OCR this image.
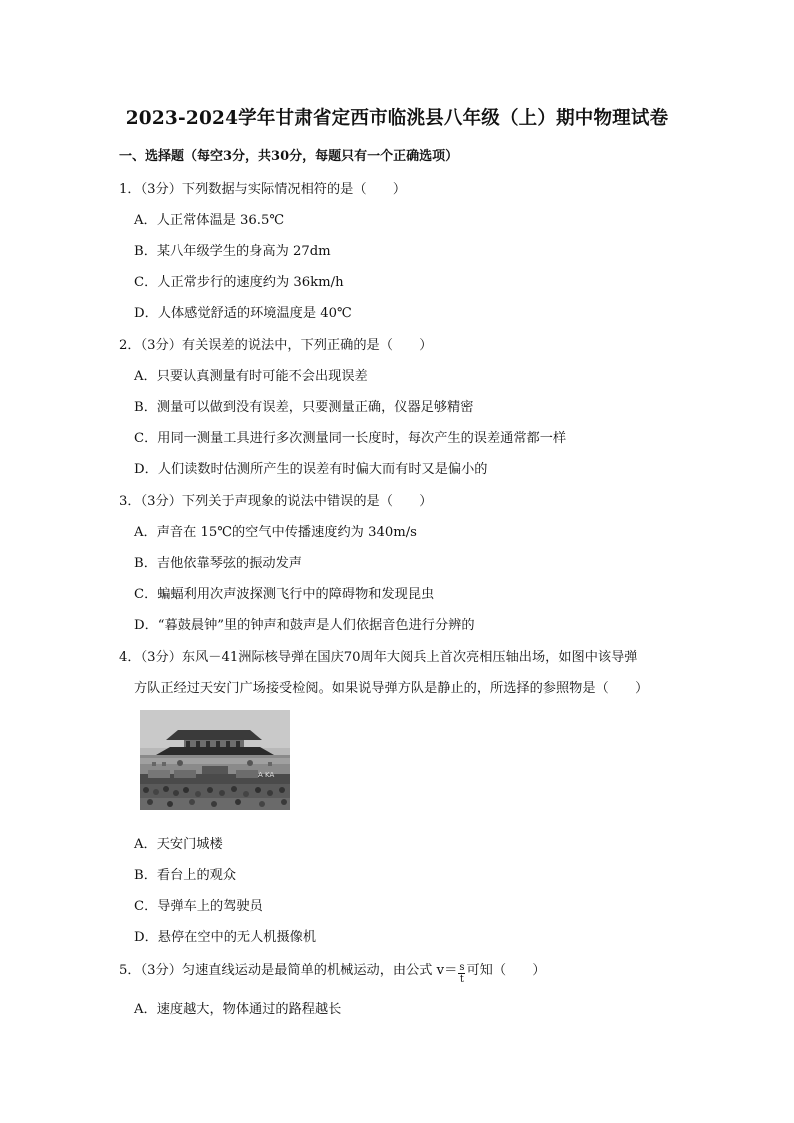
2023-2024学年甘肃省定西市临洮县八年级（上）期中物理试卷
一、选择题（每空3分，共30分，每题只有一个正确选项）
1．（3分）下列数据与实际情况相符的是（　　）
A．人正常体温是 36.5℃
B．某八年级学生的身高为 27dm
C．人正常步行的速度约为 36km/h
D．人体感觉舒适的环境温度是 40℃
2．（3分）有关误差的说法中，下列正确的是（　　）
A．只要认真测量有时可能不会出现误差
B．测量可以做到没有误差，只要测量正确，仪器足够精密
C．用同一测量工具进行多次测量同一长度时，每次产生的误差通常都一样
D．人们读数时估测所产生的误差有时偏大而有时又是偏小的
3．（3分）下列关于声现象的说法中错误的是（　　）
A．声音在 15℃的空气中传播速度约为 340m/s
B．吉他依靠琴弦的振动发声
C．蝙蝠利用次声波探测飞行中的障碍物和发现昆虫
D．“暮鼓晨钟”里的钟声和鼓声是人们依据音色进行分辨的
4．（3分）东风－41洲际核导弹在国庆70周年大阅兵上首次亮相压轴出场，如图中该导弹
方队正经过天安门广场接受检阅。如果说导弹方队是静止的，所选择的参照物是（　　）
A KA
A．天安门城楼
B．看台上的观众
C．导弹车上的驾驶员
D．悬停在空中的无人机摄像机
5．（3分）匀速直线运动是最简单的机械运动，由公式 $v= \frac{s}{t}$ 可知（　　）
A．速度越大，物体通过的路程越长
